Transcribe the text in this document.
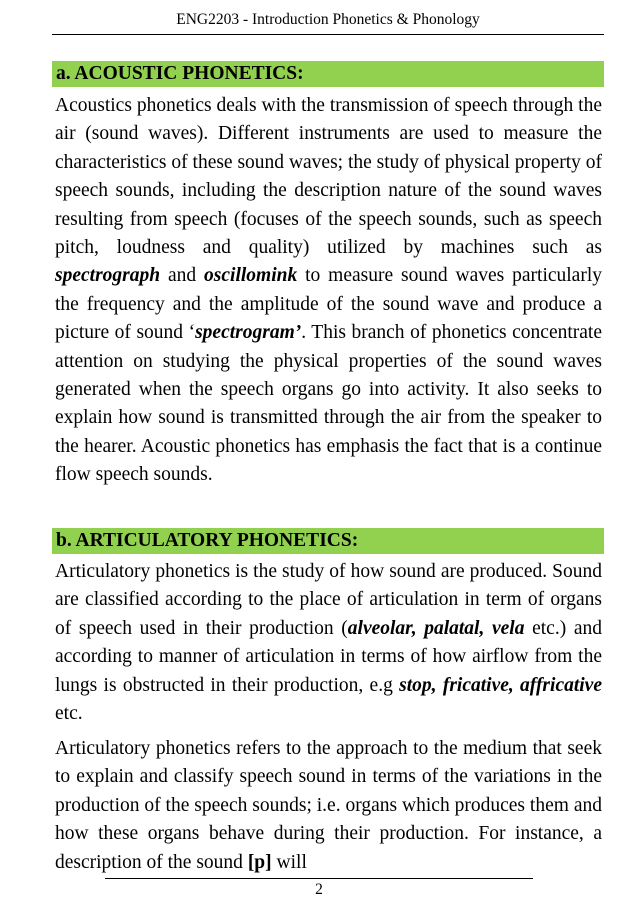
ENG2203 - Introduction Phonetics & Phonology
a. ACOUSTIC PHONETICS:
Acoustics phonetics deals with the transmission of speech through the air (sound waves). Different instruments are used to measure the characteristics of these sound waves; the study of physical property of speech sounds, including the description nature of the sound waves resulting from speech (focuses of the speech sounds, such as speech pitch, loudness and quality) utilized by machines such as spectrograph and oscillomink to measure sound waves particularly the frequency and the amplitude of the sound wave and produce a picture of sound ‘spectrogram’. This branch of phonetics concentrate attention on studying the physical properties of the sound waves generated when the speech organs go into activity. It also seeks to explain how sound is transmitted through the air from the speaker to the hearer. Acoustic phonetics has emphasis the fact that is a continue flow speech sounds.
b. ARTICULATORY PHONETICS:
Articulatory phonetics is the study of how sound are produced. Sound are classified according to the place of articulation in term of organs of speech used in their production (alveolar, palatal, vela etc.) and according to manner of articulation in terms of how airflow from the lungs is obstructed in their production, e.g stop, fricative, affricative etc.
Articulatory phonetics refers to the approach to the medium that seek to explain and classify speech sound in terms of the variations in the production of the speech sounds; i.e. organs which produces them and how these organs behave during their production. For instance, a description of the sound [p] will
2
